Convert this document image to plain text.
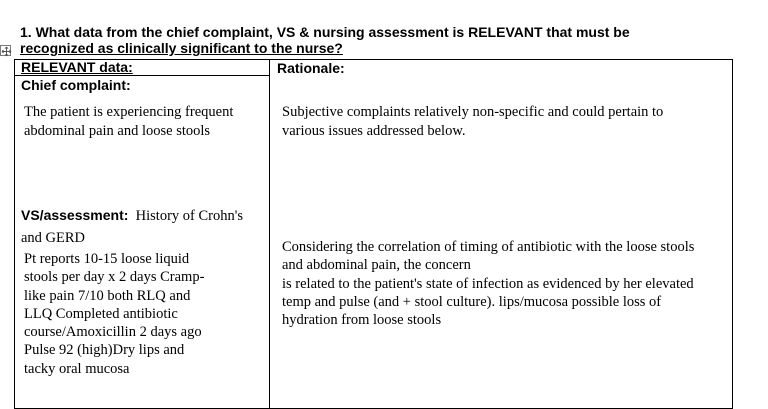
1. What data from the chief complaint, VS & nursing assessment is RELEVANT that must be
recognized as clinically significant to the nurse?
RELEVANT data:
Chief complaint:
Rationale:
The patient is experiencing frequent
abdominal pain and loose stools
Subjective complaints relatively non-specific and could pertain to
various issues addressed below.
VS/assessment: History of Crohn's
and GERD
Pt reports 10-15 loose liquid
stools per day x 2 days Cramp-
like pain 7/10 both RLQ and
LLQ Completed antibiotic
course/Amoxicillin 2 days ago
Pulse 92 (high)Dry lips and
tacky oral mucosa
Considering the correlation of timing of antibiotic with the loose stools
and abdominal pain, the concern
is related to the patient's state of infection as evidenced by her elevated
temp and pulse (and + stool culture). lips/mucosa possible loss of
hydration from loose stools
